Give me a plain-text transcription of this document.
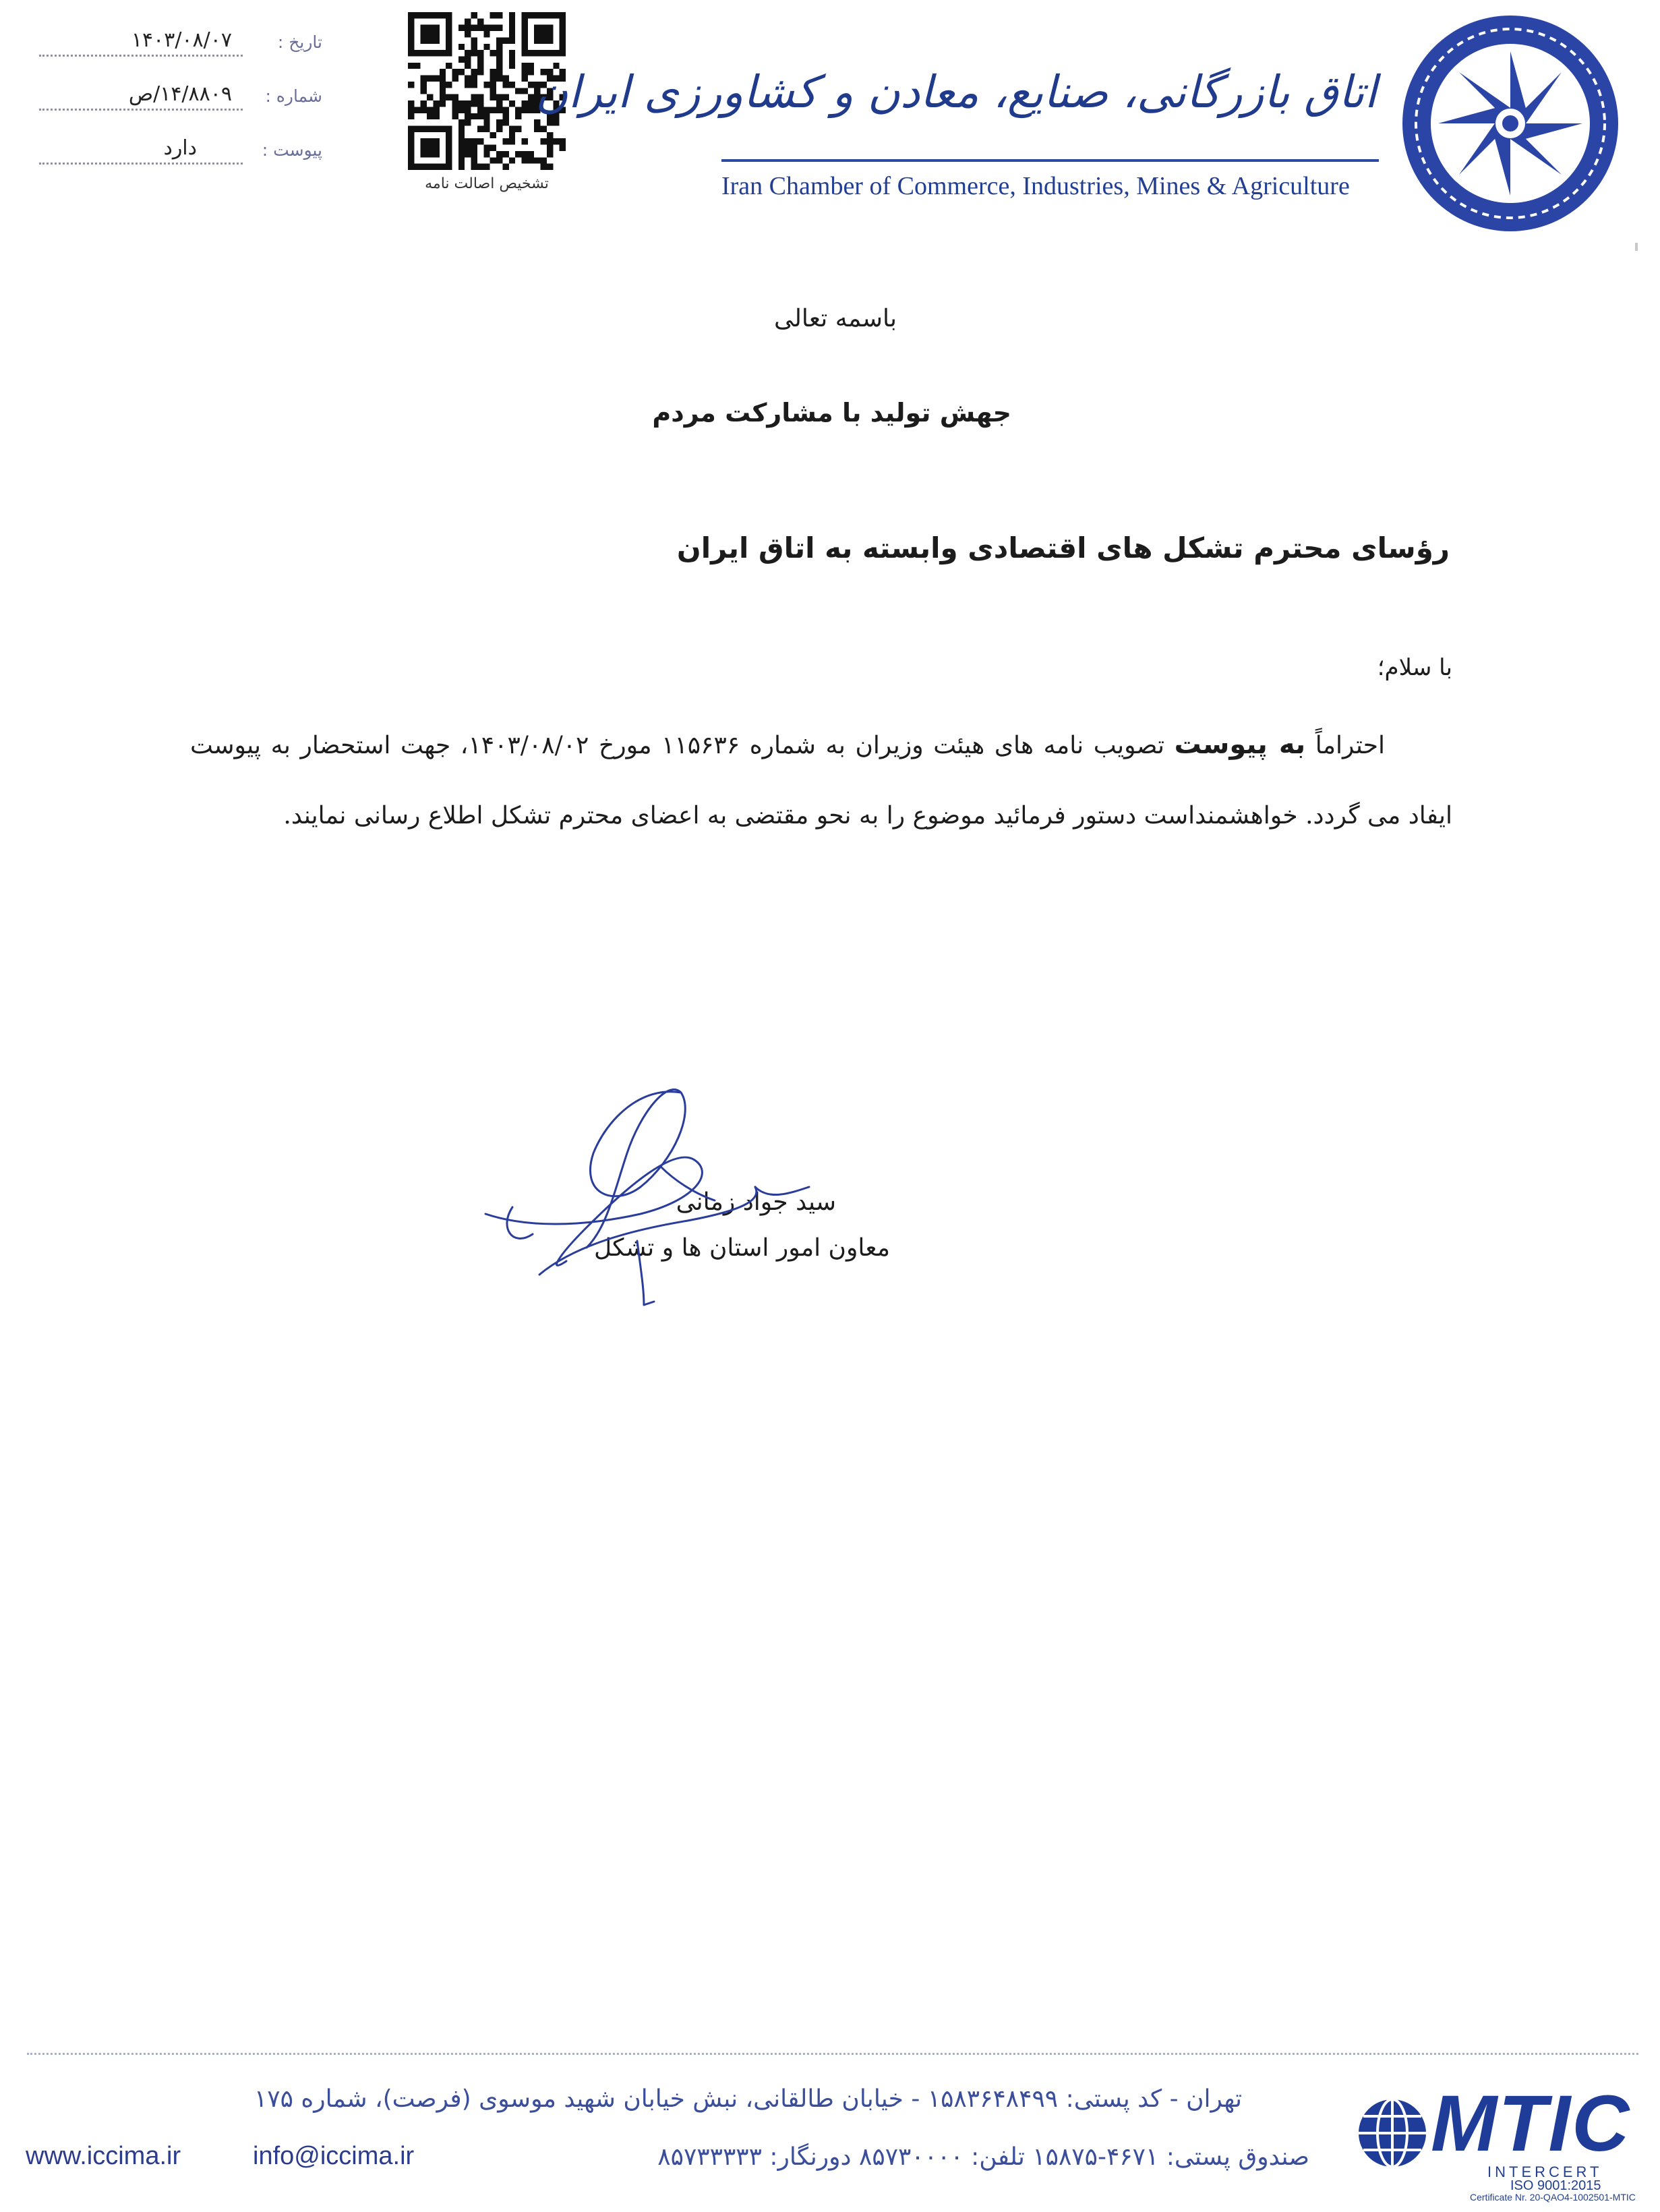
تاریخ :
۱۴۰۳/۰۸/۰۷
شماره :
۱۴/۸۸۰۹/ص
پیوست :
دارد
تشخیص اصالت نامه
اتاق بازرگانی، صنایع، معادن و کشاورزی ایران
Iran Chamber of Commerce, Industries, Mines & Agriculture
باسمه تعالی
جهش تولید با مشارکت مردم
رؤسای محترم تشکل های اقتصادی وابسته به اتاق ایران
با سلام؛
احتراماً به پیوست تصویب نامه های هیئت وزیران به شماره ۱۱۵۶۳۶ مورخ ۱۴۰۳/۰۸/۰۲، جهت استحضار به پیوست ایفاد می گردد. خواهشمنداست دستور فرمائید موضوع را به نحو مقتضی به اعضای محترم تشکل اطلاع رسانی نمایند.
سید جواد زمانی
معاون امور استان ها و تشکل
تهران - کد پستی: ۱۵۸۳۶۴۸۴۹۹ - خیابان طالقانی، نبش خیابان شهید موسوی (فرصت)، شماره ۱۷۵
صندوق پستی: ۴۶۷۱-۱۵۸۷۵ تلفن: ۸۵۷۳۰۰۰۰ دورنگار: ۸۵۷۳۳۳۳۳
www.iccima.ir	info@iccima.ir	MTIC
INTERCERT
ISO 9001:2015
Certificate Nr. 20-QAO4-1002501-MTIC
